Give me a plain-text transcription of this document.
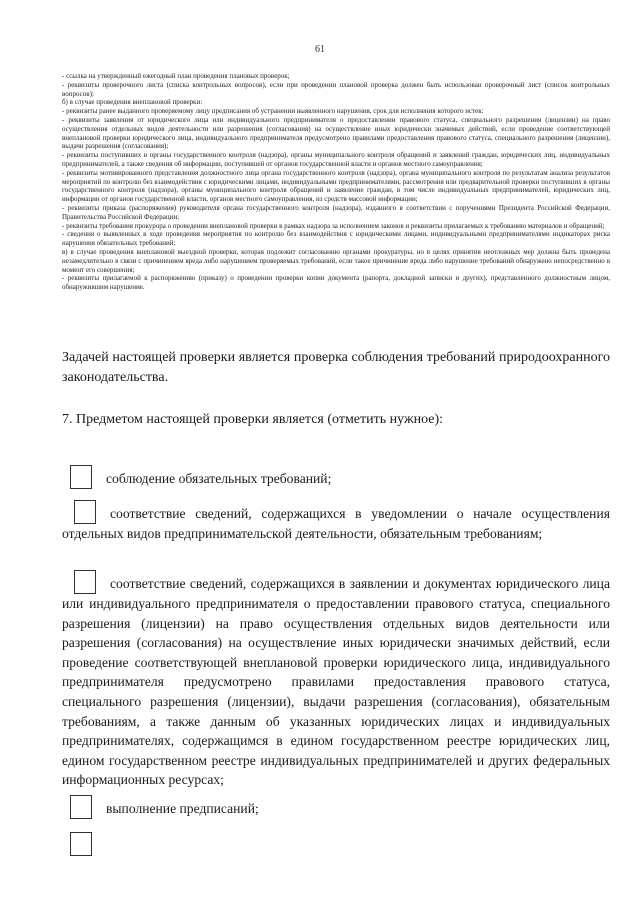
61

- ссылка на утвержденный ежегодный план проведения плановых проверок;

- реквизиты проверочного листа (списка контрольных вопросов), если при проведении плановой проверка должен быть использован проверочный лист (список контрольных вопросов);

б) в случае проведения внеплановой проверки:

- реквизиты ранее выданного проверяемому лицу предписания об устранении выявленного нарушения, срок для исполнения которого истек:

- реквизиты заявления от юридического лица или индивидуального предпринимателя о предоставлении правового статуса, специального разрешения (лицензии) на право осуществления отдельных видов деятельности или разрешения (согласования) на осуществление иных юридически значимых действий, если проведение соответствующей внеплановой проверки юридического лица, индивидуального предпринимателя предусмотрено правилами предоставления правового статуса, специального разрешения (лицензии), выдачи разрешения (согласования);

- реквизиты поступивших в органы государственного контроля (надзора), органы муниципального контроля обращений и заявлений граждан, юридических лиц, индивидуальных предпринимателей, а также сведения об информации, поступившей от органов государственной власти и органов местного самоуправления;

- реквизиты мотивированного представления должностного лица органа государственного контроля (надзора), органа муниципального контроля по результатам анализа результатов мероприятий по контролю без взаимодействия с юридическими лицами, индивидуальными предпринимателями, рассмотрения или предварительной проверки поступивших в органы государственного контроля (надзора), органы муниципального контроля обращений и заявление граждан, в том числе индивидуальных предпринимателей, юридических лиц, информации от органов государственной власти, органов местного самоуправления, из средств массовой информации;

- реквизиты приказа (распоряжения) руководителя органа государственного контроля (надзора), изданного в соответствии с поручениями Президента Российской Федерации, Правительства Российской Федерации;

- реквизиты требования прокурора о проведении внеплановой проверки в рамках надзора за исполнением законов и реквизиты прилагаемых к требованию материалов и обращений;

- сведения о выявленных в ходе проведения мероприятия по контролю без взаимодействия с юридическими лицами, индивидуальными предпринимателями индикаторах риска нарушения обязательных требований;

в) в случае проведения внеплановой выездной проверки, которая подлежит согласованию органами прокуратуры, но в целях принятия неотложных мер должна быть проведена незамедлительно в связи с причинением вреда либо нарушением проверяемых требований, если такое причинение вреда либо нарушение требований обнаружено непосредственно в момент его совершения;

- реквизиты прилагаемой к распоряжению (приказу) о проведении проверки копии документа (рапорта, докладной записки и других), представленного должностным лицом, обнаружившим нарушение.

Задачей настоящей проверки является проверка соблюдения требований природоохранного законодательства.
7. Предметом настоящей проверки является (отметить нужное):
соблюдение обязательных требований;
соответствие сведений, содержащихся в уведомлении о начале осуществления отдельных видов предпринимательской деятельности, обязательным требованиям;
соответствие сведений, содержащихся в заявлении и документах юридического лица или индивидуального предпринимателя о предоставлении правового статуса, специального разрешения (лицензии) на право осуществления отдельных видов деятельности или разрешения (согласования) на осуществление иных юридически значимых действий, если проведение соответствующей внеплановой проверки юридического лица, индивидуального предпринимателя предусмотрено правилами предоставления правового статуса, специального разрешения (лицензии), выдачи разрешения (согласования), обязательным требованиям, а также данным об указанных юридических лицах и индивидуальных предпринимателях, содержащимся в едином государственном реестре юридических лиц, едином государственном реестре индивидуальных предпринимателей и других федеральных информационных ресурсах;
выполнение предписаний;
